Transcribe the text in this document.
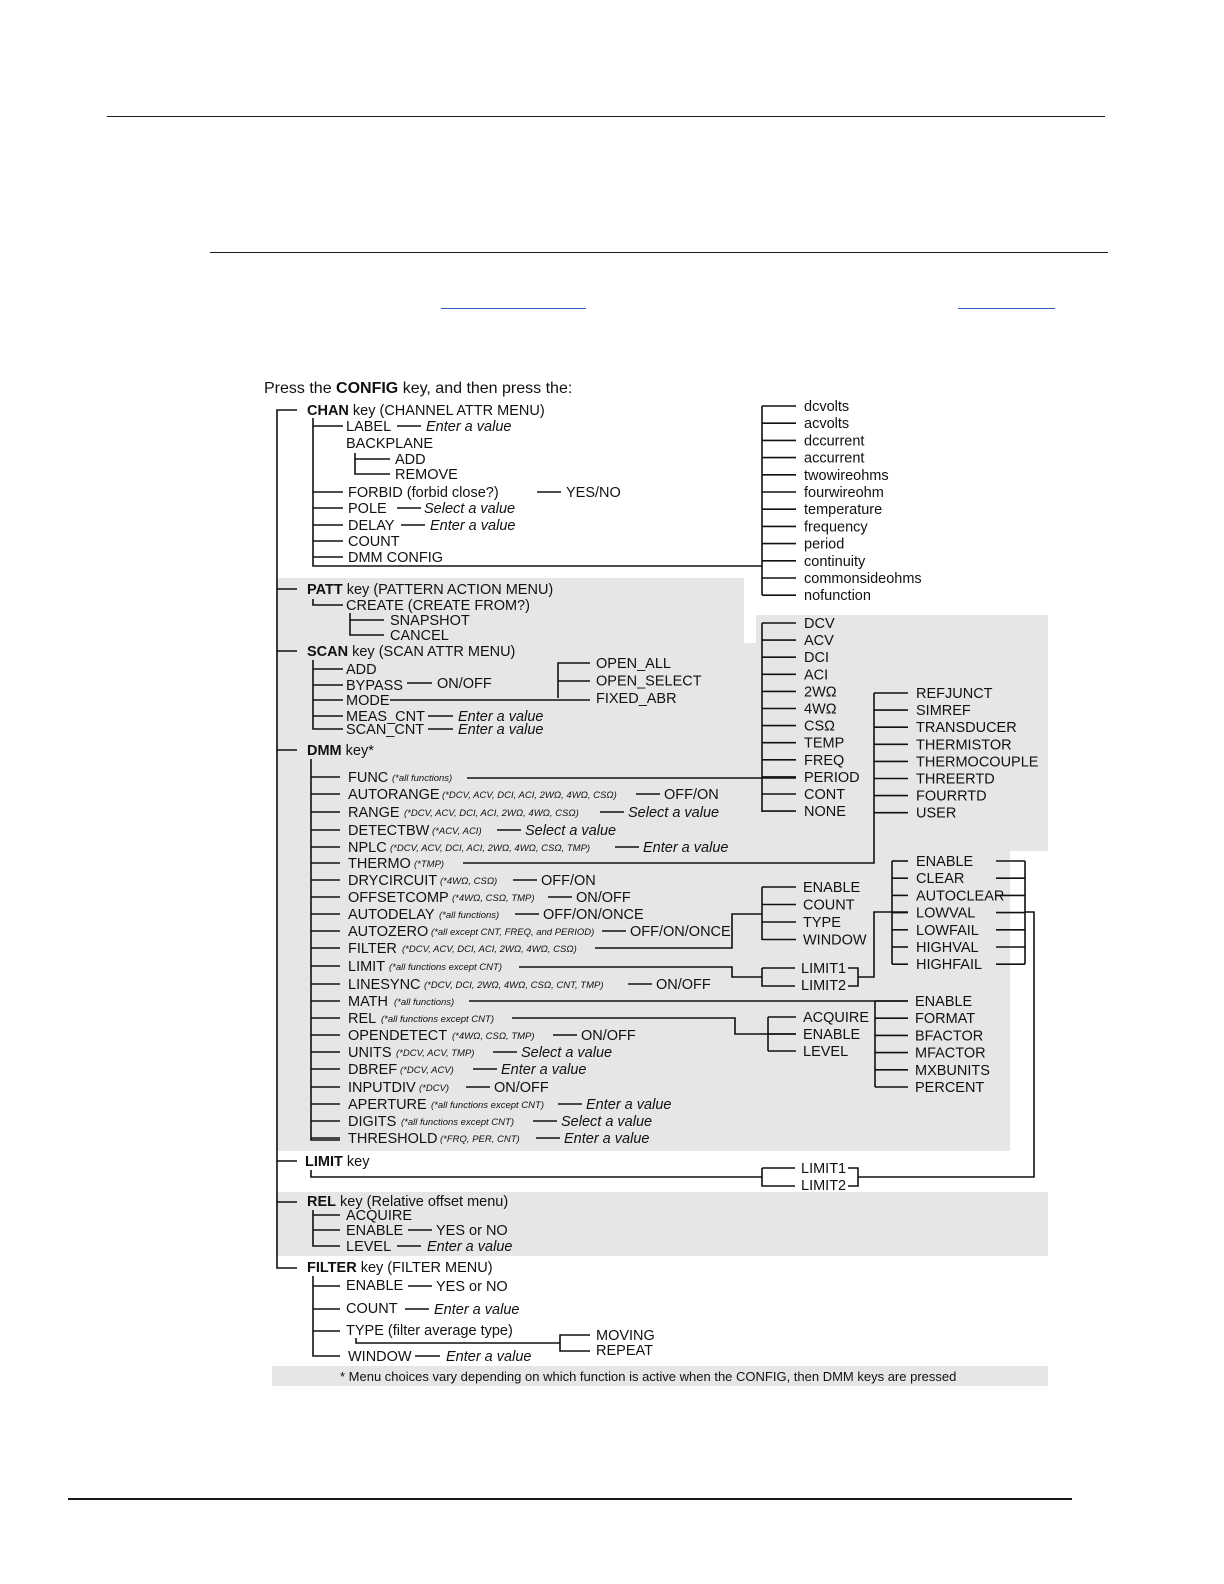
Press the CONFIG key, and then press the:
CHAN key (CHANNEL ATTR MENU)
LABEL Enter a value
BACKPLANE
ADD
REMOVE
FORBID (forbid close?)	YES/NO
POLE	Select a value
DELAY Enter a value
COUNT
DMM CONFIG
dcvolts
acvolts
dccurrent
accurrent
twowireohms
fourwireohm
temperature
frequency
period
continuity
commonsideohms
nofunction
PATT key (PATTERN ACTION MENU)
CREATE (CREATE FROM?)
SNAPSHOT
CANCEL
SCAN key (SCAN ATTR MENU)
ADD
BYPASS ON/OFF
MODE
MEAS_CNT Enter a value
SCAN_CNT Enter a value
OPEN_ALL
OPEN_SELECT
FIXED_ABR
DMM key*
FUNC (*all functions)
AUTORANGE (*DCV, ACV, DCI, ACI, 2WΩ, 4WΩ, CSΩ)	OFF/ON
RANGE (*DCV, ACV, DCI, ACI, 2WΩ, 4WΩ, CSΩ)	Select a value
DETECTBW (*ACV, ACI)	Select a value
NPLC (*DCV, ACV, DCI, ACI, 2WΩ, 4WΩ, CSΩ, TMP)	Enter a value
THERMO (*TMP)
DRYCIRCUIT (*4WΩ, CSΩ)	OFF/ON
OFFSETCOMP (*4WΩ, CSΩ, TMP)	ON/OFF
AUTODELAY (*all functions)	OFF/ON/ONCE
AUTOZERO (*all except CNT, FREQ, and PERIOD) OFF/ON/ONCE
FILTER (*DCV, ACV, DCI, ACI, 2WΩ, 4WΩ, CSΩ)
LIMIT (*all functions except CNT)
LINESYNC (*DCV, DCI, 2WΩ, 4WΩ, CSΩ, CNT, TMP)	ON/OFF
MATH (*all functions)
REL (*all functions except CNT)
OPENDETECT (*4WΩ, CSΩ, TMP)	ON/OFF
UNITS (*DCV, ACV, TMP)	Select a value
DBREF (*DCV, ACV)	Enter a value
INPUTDIV (*DCV)	ON/OFF
APERTURE (*all functions except CNT)	Enter a value
DIGITS (*all functions except CNT)	Select a value
THRESHOLD (*FRQ, PER, CNT)	Enter a value
DCV
ACV
DCI
ACI
2WΩ
4WΩ
CSΩ
TEMP
FREQ
PERIOD
CONT
NONE
REFJUNCT
SIMREF
TRANSDUCER
THERMISTOR
THERMOCOUPLE
THREERTD
FOURRTD
USER
ENABLE
COUNT
TYPE
WINDOW
LIMIT1
LIMIT2
ENABLE
CLEAR
AUTOCLEAR
LOWVAL
LOWFAIL
HIGHVAL
HIGHFAIL
ENABLE
FORMAT
BFACTOR
MFACTOR
MXBUNITS
PERCENT
ACQUIRE
ENABLE
LEVEL
LIMIT key	LIMIT1
LIMIT2
REL key (Relative offset menu)
ACQUIRE
ENABLE YES or NO
LEVEL Enter a value
FILTER key (FILTER MENU)
ENABLE YES or NO
COUNT	Enter a value
TYPE (filter average type)	MOVING
REPEAT
WINDOW Enter a value
* Menu choices vary depending on which function is active when the CONFIG, then DMM keys are pressed
